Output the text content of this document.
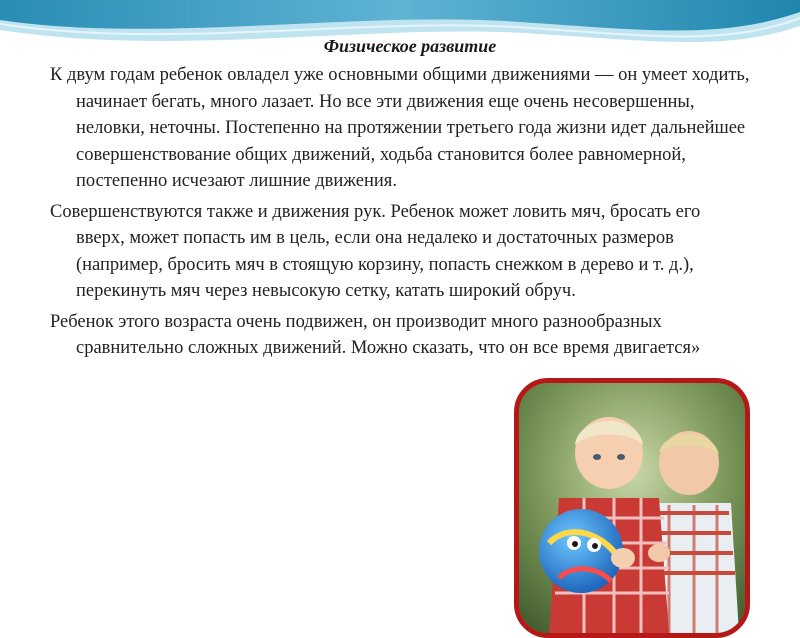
Физическое развитие

К двум годам ребенок овладел уже основными общими движениями — он умеет ходить, начинает бегать, много лазает. Но все эти движения еще очень несовершенны, неловки, неточны. Постепенно на протяжении третьего года жизни идет дальнейшее совершенствование общих движений, ходьба становится более равномерной, постепенно исчезают лишние движения.

Совершенствуются также и движения рук. Ребенок может ловить мяч, бросать его вверх, может попасть им в цель, если она недалеко и достаточных размеров (например, бросить мяч в стоящую корзину, попасть снежком в дерево и т. д.), перекинуть мяч через невысокую сетку, катать широкий обруч.

Ребенок этого возраста очень подвижен, он производит много разнообразных сравнительно сложных движений. Можно сказать, что он все время двигается»
